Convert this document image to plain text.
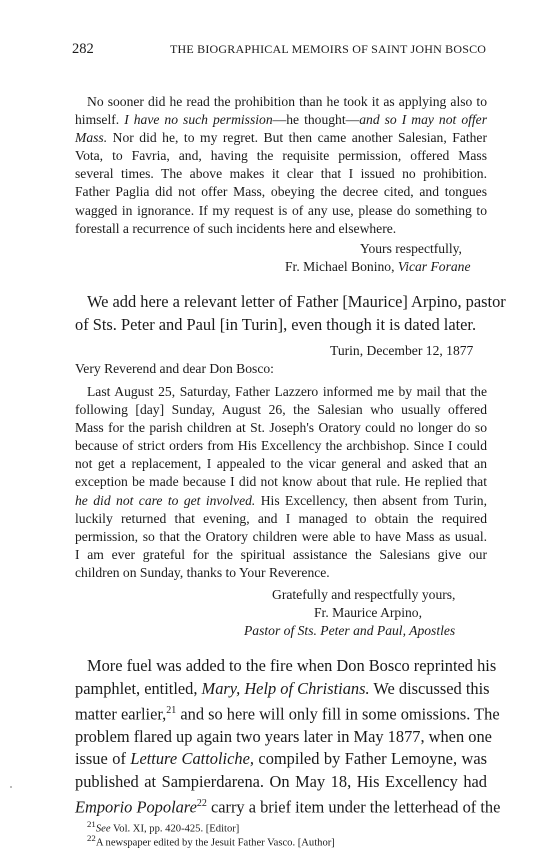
282	THE BIOGRAPHICAL MEMOIRS OF SAINT JOHN BOSCO
No sooner did he read the prohibition than he took it as applying also to
himself. I have no such permission—he thought—and so I may not offer
Mass. Nor did he, to my regret. But then came another Salesian, Father
Vota, to Favria, and, having the requisite permission, offered Mass
several times. The above makes it clear that I issued no prohibition.
Father Paglia did not offer Mass, obeying the decree cited, and tongues
wagged in ignorance. If my request is of any use, please do something to
forestall a recurrence of such incidents here and elsewhere.
Yours respectfully,
Fr. Michael Bonino, Vicar Forane
We add here a relevant letter of Father [Maurice] Arpino, pastor
of Sts. Peter and Paul [in Turin], even though it is dated later.
Turin, December 12, 1877
Very Reverend and dear Don Bosco:
Last August 25, Saturday, Father Lazzero informed me by mail that the
following [day] Sunday, August 26, the Salesian who usually offered
Mass for the parish children at St. Joseph's Oratory could no longer do so
because of strict orders from His Excellency the archbishop. Since I could
not get a replacement, I appealed to the vicar general and asked that an
exception be made because I did not know about that rule. He replied that
he did not care to get involved. His Excellency, then absent from Turin,
luckily returned that evening, and I managed to obtain the required
permission, so that the Oratory children were able to have Mass as usual.
I am ever grateful for the spiritual assistance the Salesians give our
children on Sunday, thanks to Your Reverence.
Gratefully and respectfully yours,
Fr. Maurice Arpino,
Pastor of Sts. Peter and Paul, Apostles
More fuel was added to the fire when Don Bosco reprinted his
pamphlet, entitled, Mary, Help of Christians. We discussed this
matter earlier,$^{21}$ and so here will only fill in some omissions. The
problem flared up again two years later in May 1877, when one
issue of Letture Cattoliche, compiled by Father Lemoyne, was
published at Sampierdarena. On May 18, His Excellency had
Emporio Popolare$^{22}$ carry a brief item under the letterhead of the
$^{21}$See Vol. XI, pp. 420-425. [Editor]
$^{22}$A newspaper edited by the Jesuit Father Vasco. [Author]
